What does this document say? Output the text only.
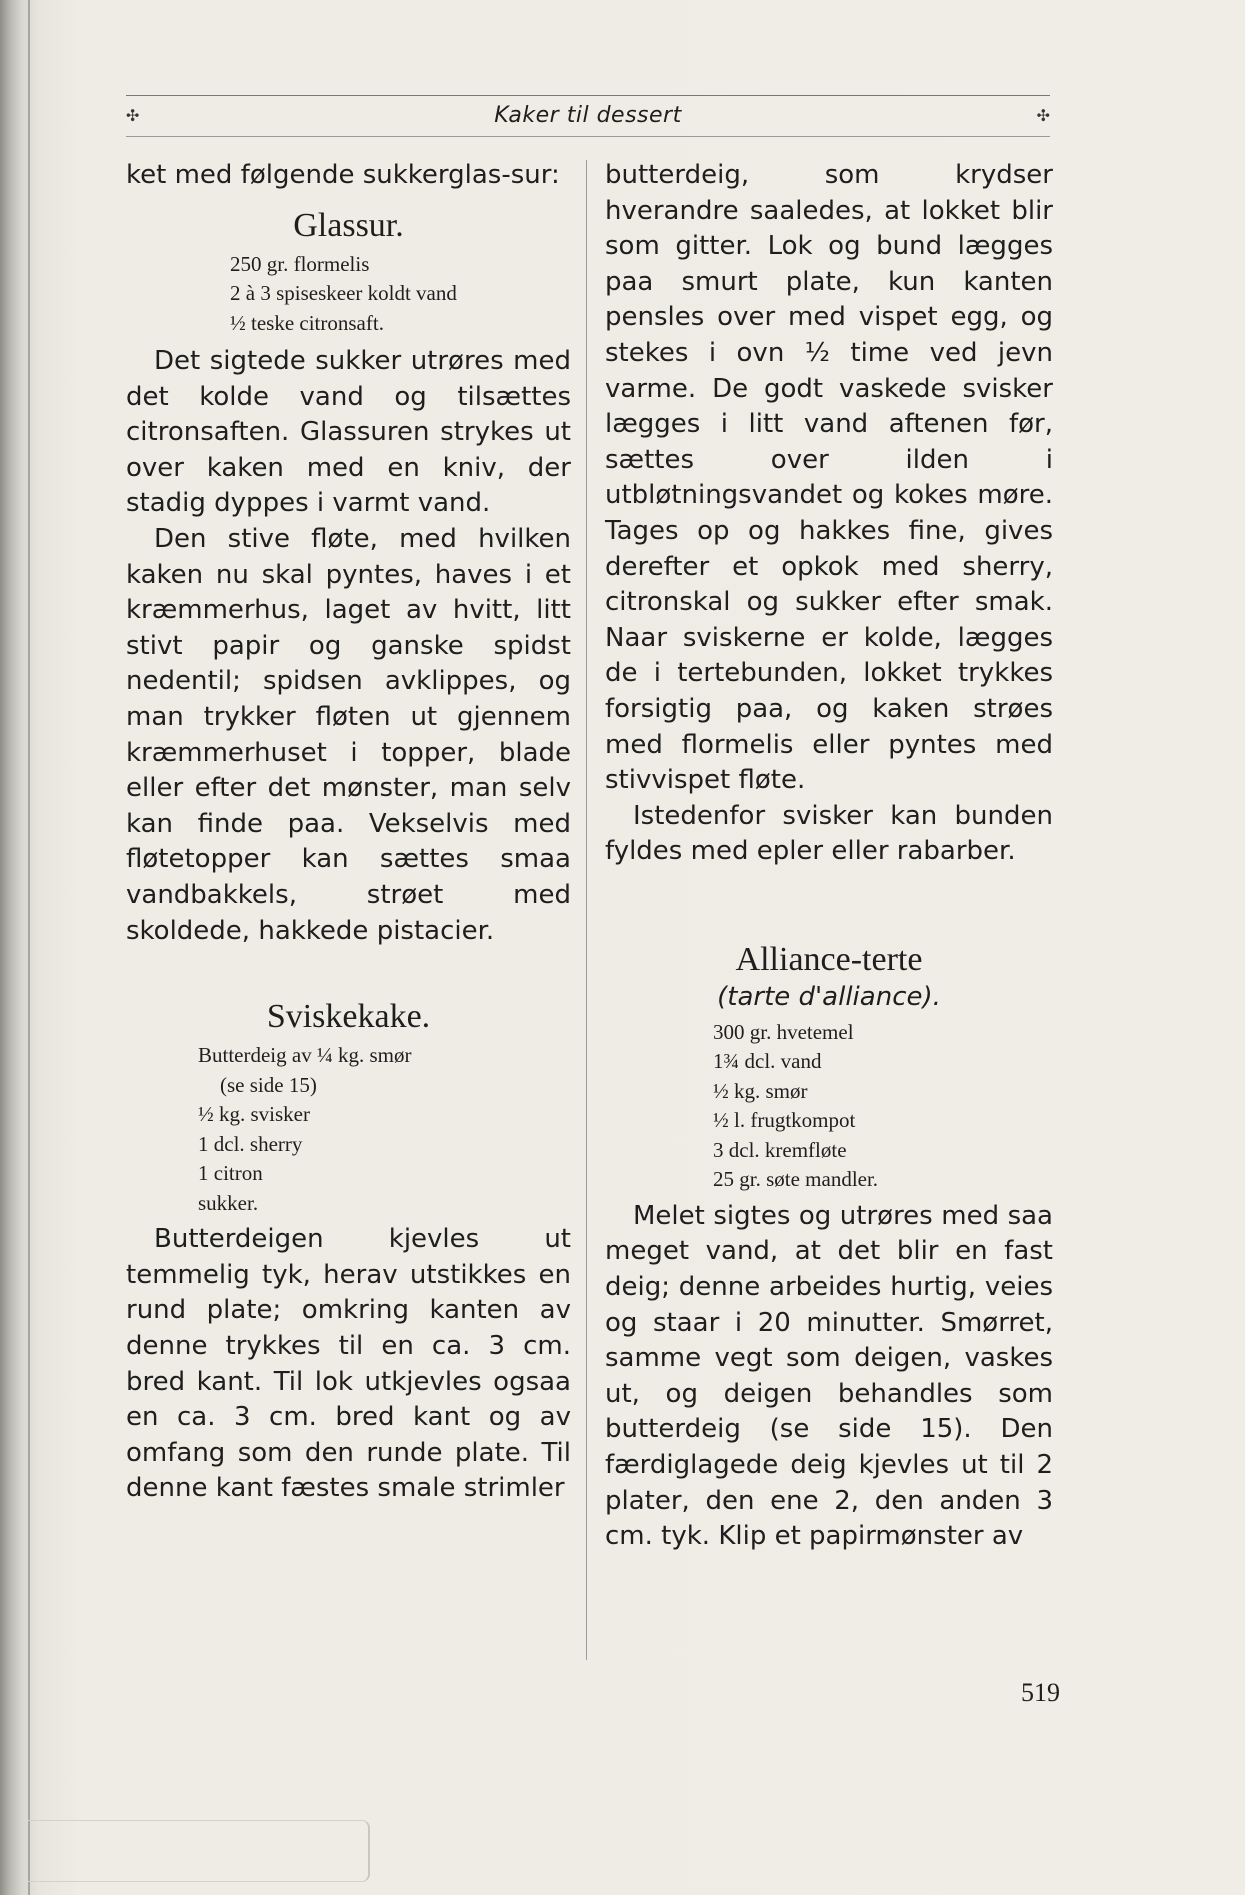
✣	Kaker til dessert	✣

ket med følgende sukkerglas-sur:

Glassur.
250 gr. flormelis
2 à 3 spiseskeer koldt vand
½ teske citronsaft.

Det sigtede sukker utrøres med det kolde vand og tilsættes citronsaften. Glassuren strykes ut over kaken med en kniv, der stadig dyppes i varmt vand.

Den stive fløte, med hvilken kaken nu skal pyntes, haves i et kræmmerhus, laget av hvitt, litt stivt papir og ganske spidst nedentil; spidsen avklippes, og man trykker fløten ut gjennem kræmmerhuset i topper, blade eller efter det mønster, man selv kan finde paa. Vekselvis med fløtetopper kan sættes smaa vandbakkels, strøet med skoldede, hakkede pistacier.

Sviskekake.
Butterdeig av ¼ kg. smør
(se side 15)
½ kg. svisker
1 dcl. sherry
1 citron
sukker.

Butterdeigen kjevles ut temmelig tyk, herav utstikkes en rund plate; omkring kanten av denne trykkes til en ca. 3 cm. bred kant. Til lok utkjevles ogsaa en ca. 3 cm. bred kant og av omfang som den runde plate. Til denne kant fæstes smale strimler

butterdeig, som krydser hverandre saaledes, at lokket blir som gitter. Lok og bund lægges paa smurt plate, kun kanten pensles over med vispet egg, og stekes i ovn ½ time ved jevn varme. De godt vaskede svisker lægges i litt vand aftenen før, sættes over ilden i utbløtningsvandet og kokes møre. Tages op og hakkes fine, gives derefter et opkok med sherry, citronskal og sukker efter smak. Naar sviskerne er kolde, lægges de i tertebunden, lokket trykkes forsigtig paa, og kaken strøes med flormelis eller pyntes med stivvispet fløte.

Istedenfor svisker kan bunden fyldes med epler eller rabarber.

Alliance-terte
(tarte d'alliance).
300 gr. hvetemel
1¾ dcl. vand
½ kg. smør
½ l. frugtkompot
3 dcl. kremfløte
25 gr. søte mandler.

Melet sigtes og utrøres med saa meget vand, at det blir en fast deig; denne arbeides hurtig, veies og staar i 20 minutter. Smørret, samme vegt som deigen, vaskes ut, og deigen behandles som butterdeig (se side 15). Den færdiglagede deig kjevles ut til 2 plater, den ene 2, den anden 3 cm. tyk. Klip et papirmønster av

519
